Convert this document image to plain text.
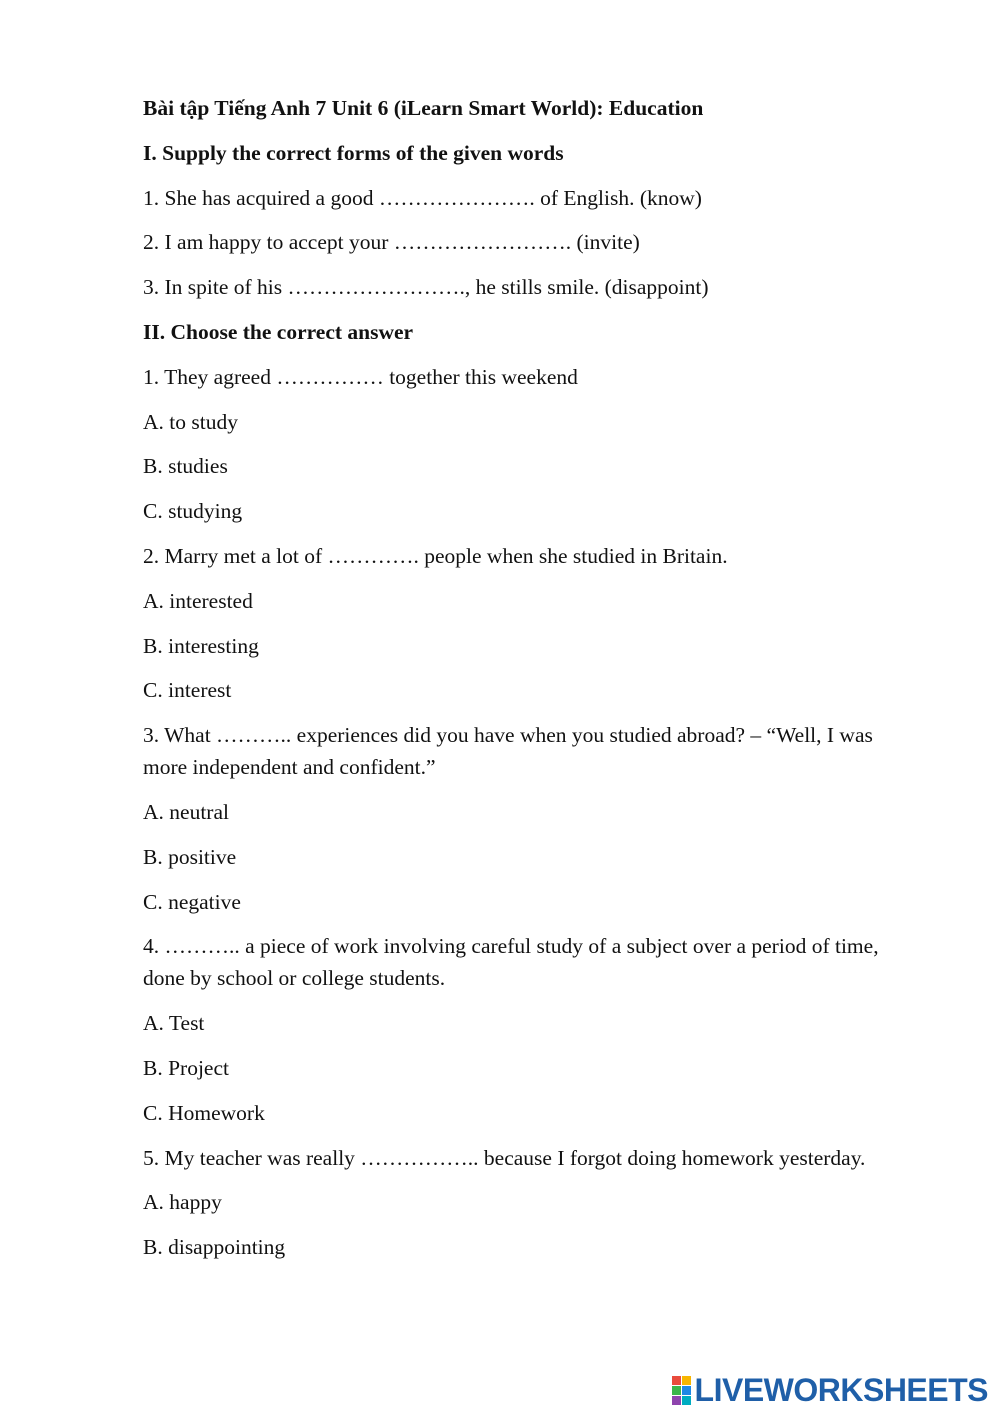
Bài tập Tiếng Anh 7 Unit 6 (iLearn Smart World): Education
I. Supply the correct forms of the given words
1. She has acquired a good …………………. of English. (know)
2. I am happy to accept your ……………………. (invite)
3. In spite of his ……………………., he stills smile. (disappoint)
II. Choose the correct answer
1. They agreed …………… together this weekend
A. to study
B. studies
C. studying
2. Marry met a lot of …………. people when she studied in Britain.
A. interested
B. interesting
C. interest
3. What ……….. experiences did you have when you studied abroad? – “Well, I was more independent and confident.”
A. neutral
B. positive
C. negative
4. ……….. a piece of work involving careful study of a subject over a period of time, done by school or college students.
A. Test
B. Project
C. Homework
5. My teacher was really …………….. because I forgot doing homework yesterday.
A. happy
B. disappointing
LIVEWORKSHEETS
